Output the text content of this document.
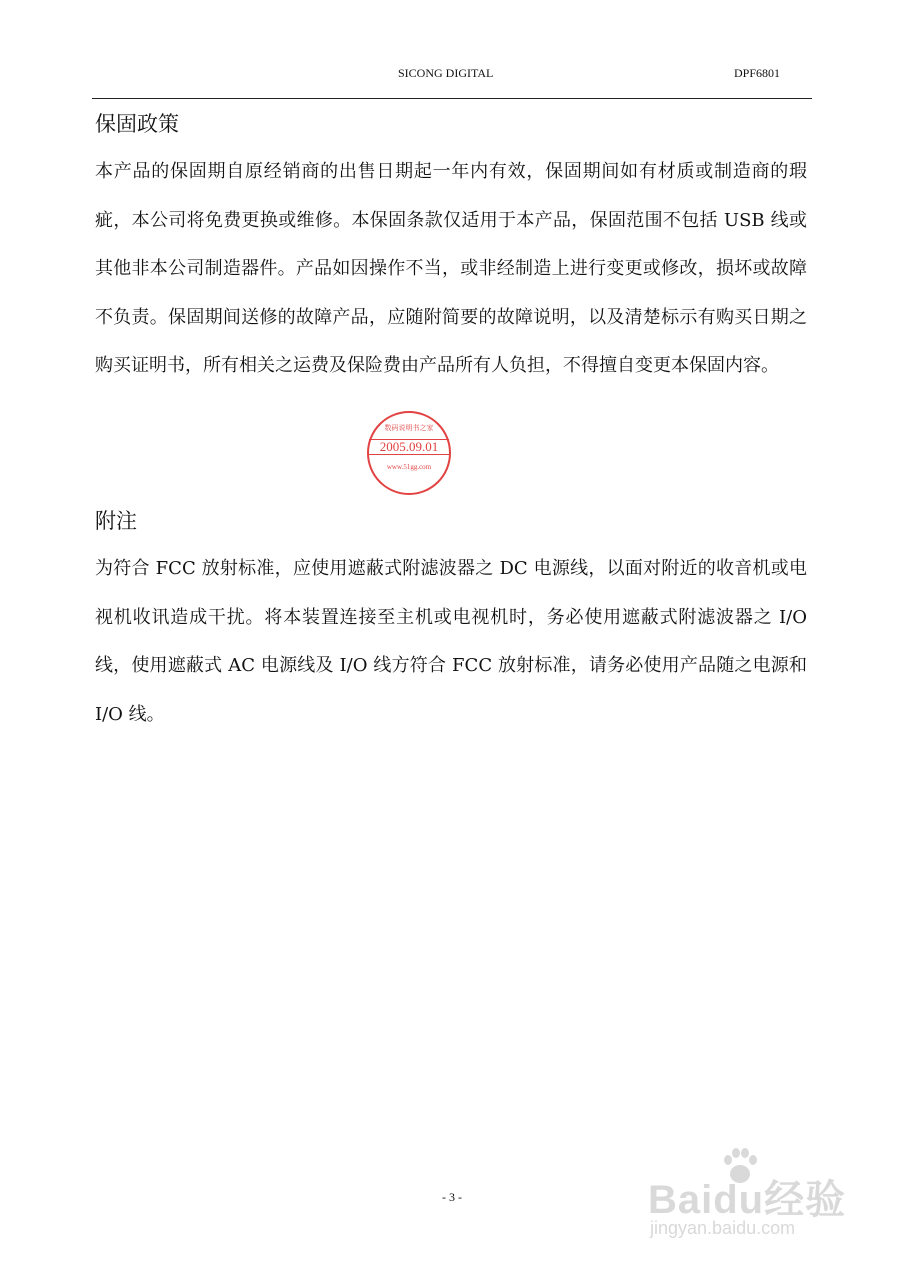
SICONG DIGITAL	DPF6801
保固政策

本产品的保固期自原经销商的出售日期起一年内有效，保固期间如有材质或制造商的瑕疵，本公司将免费更换或维修。本保固条款仅适用于本产品，保固范围不包括 USB 线或其他非本公司制造器件。产品如因操作不当，或非经制造上进行变更或修改，损坏或故障不负责。保固期间送修的故障产品，应随附简要的故障说明，以及清楚标示有购买日期之购买证明书，所有相关之运费及保险费由产品所有人负担，不得擅自变更本保固内容。

数码说明书之家
2005.09.01
www.51gg.com
附注

为符合 FCC 放射标准，应使用遮蔽式附滤波器之 DC 电源线，以面对附近的收音机或电视机收讯造成干扰。将本装置连接至主机或电视机时，务必使用遮蔽式附滤波器之 I/O 线，使用遮蔽式 AC 电源线及 I/O 线方符合 FCC 放射标准，请务必使用产品随之电源和 I/O 线。

- 3 -	Baidu经验
jingyan.baidu.com
